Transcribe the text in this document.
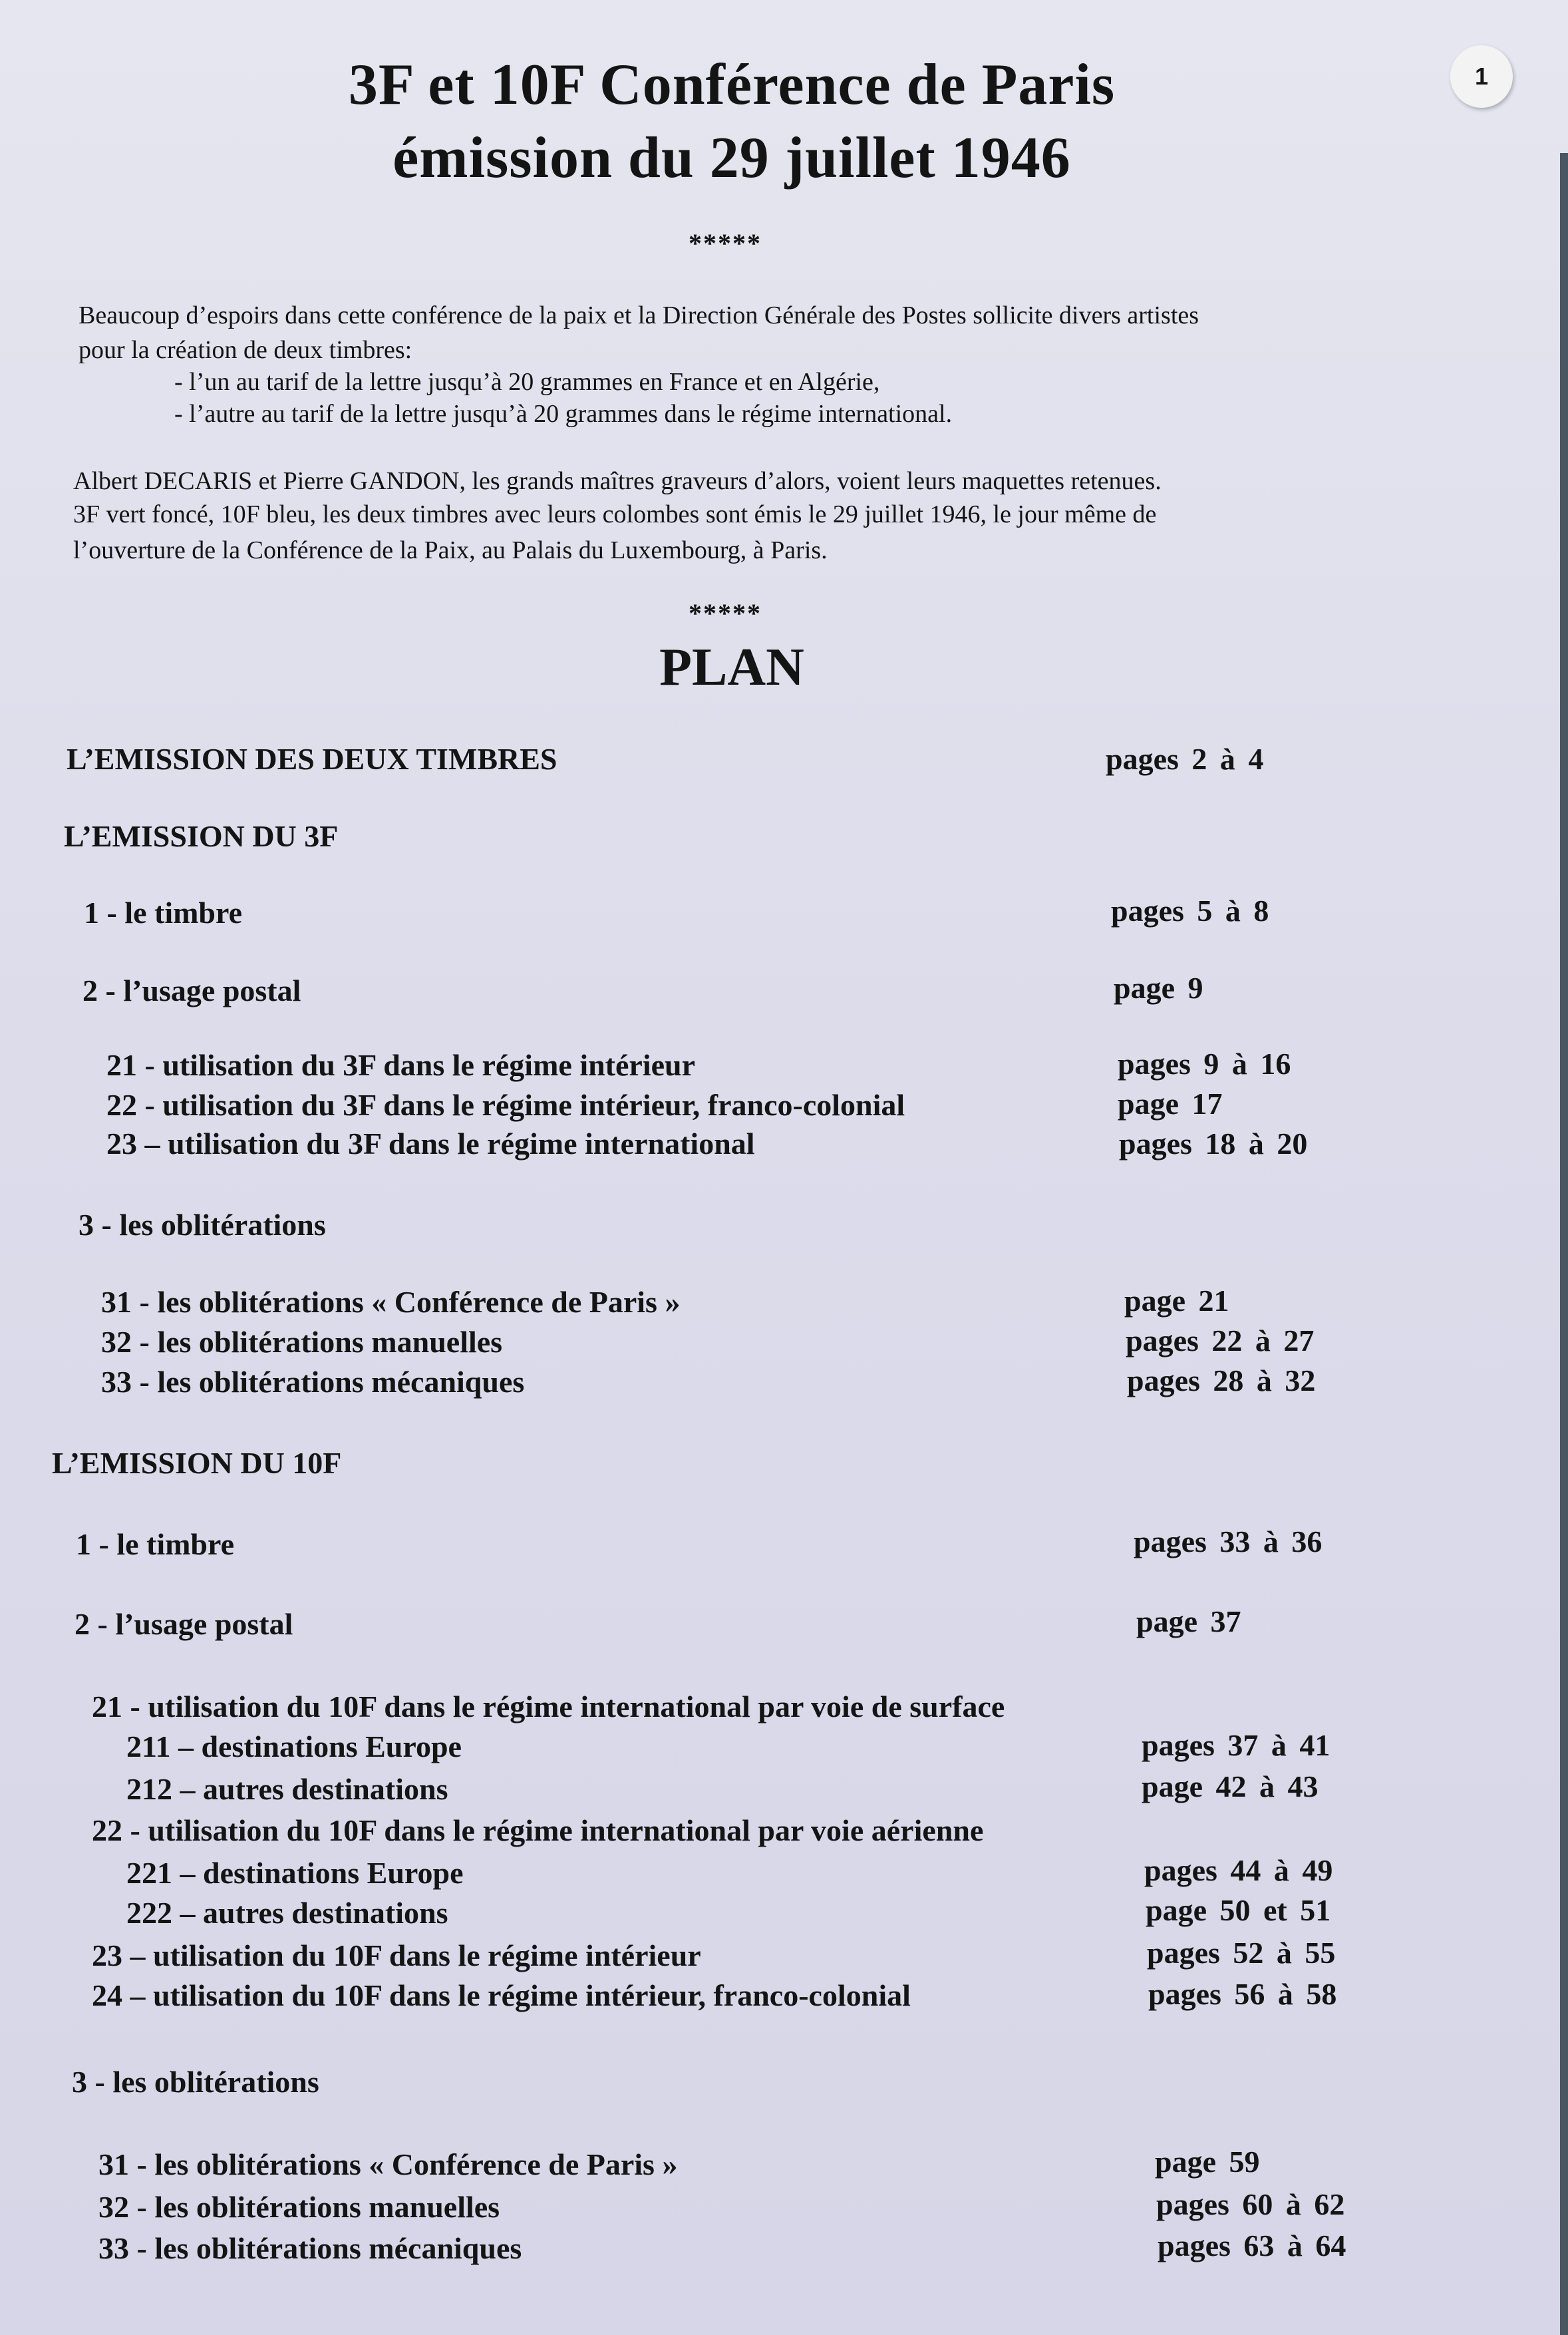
3F et 10F Conférence de Paris
émission du 29 juillet 1946
1
*****
Beaucoup d’espoirs dans cette conférence de la paix et la Direction Générale des Postes sollicite divers artistes
pour la création de deux timbres:
- l’un au tarif de la lettre jusqu’à 20 grammes en France et en Algérie,
- l’autre au tarif de la lettre jusqu’à 20 grammes dans le régime international.
Albert DECARIS et Pierre GANDON, les grands maîtres graveurs d’alors, voient leurs maquettes retenues.
3F vert foncé, 10F bleu, les deux timbres avec leurs colombes sont émis le 29 juillet 1946, le jour même de
l’ouverture de la Conférence de la Paix, au Palais du Luxembourg, à Paris.
*****
PLAN
L’EMISSION DES DEUX TIMBRES	pages 2 à 4
L’EMISSION DU 3F
1 - le timbre	pages 5 à 8
2 - l’usage postal	page 9
21 - utilisation du 3F dans le régime intérieur	pages 9 à 16
22 - utilisation du 3F dans le régime intérieur, franco-colonial	page 17
23 – utilisation du 3F dans le régime international	pages 18 à 20
3 - les oblitérations
31 - les oblitérations « Conférence de Paris »	page 21
32 - les oblitérations manuelles	pages 22 à 27
33 - les oblitérations mécaniques	pages 28 à 32
L’EMISSION DU 10F
1 - le timbre	pages 33 à 36
2 - l’usage postal	page 37
21 - utilisation du 10F dans le régime international par voie de surface
211 – destinations Europe	pages 37 à 41
212 – autres destinations	page 42 à 43
22 - utilisation du 10F dans le régime international par voie aérienne
221 – destinations Europe	pages 44 à 49
222 – autres destinations	page 50 et 51
23 – utilisation du 10F dans le régime intérieur	pages 52 à 55
24 – utilisation du 10F dans le régime intérieur, franco-colonial	pages 56 à 58
3 - les oblitérations
31 - les oblitérations « Conférence de Paris »	page 59
32 - les oblitérations manuelles	pages 60 à 62
33 - les oblitérations mécaniques	pages 63 à 64
